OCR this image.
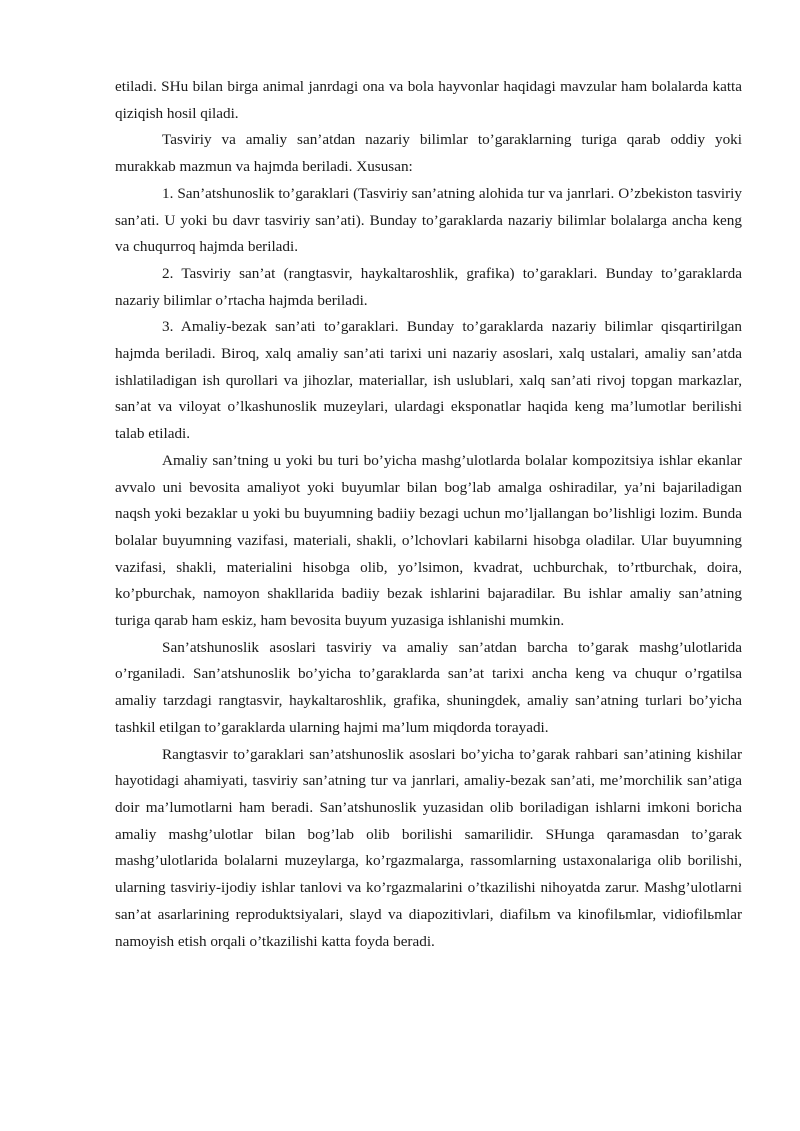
etiladi. SHu bilan birga animal janrdagi ona va bola hayvonlar haqidagi mavzular ham bolalarda katta qiziqish hosil qiladi.

Tasviriy va amaliy san’atdan nazariy bilimlar to’garaklarning turiga qarab oddiy yoki murakkab mazmun va hajmda beriladi. Xususan:

1. San’atshunoslik to’garaklari (Tasviriy san’atning alohida tur va janrlari. O’zbekiston tasviriy san’ati. U yoki bu davr tasviriy san’ati). Bunday to’garaklarda nazariy bilimlar bolalarga ancha keng va chuqurroq hajmda beriladi.

2. Tasviriy san’at (rangtasvir, haykaltaroshlik, grafika) to’garaklari. Bunday to’garaklarda nazariy bilimlar o’rtacha hajmda beriladi.

3. Amaliy-bezak san’ati to’garaklari. Bunday to’garaklarda nazariy bilimlar qisqartirilgan hajmda beriladi. Biroq, xalq amaliy san’ati tarixi uni nazariy asoslari, xalq ustalari, amaliy san’atda ishlatiladigan ish qurollari va jihozlar, materiallar, ish uslublari, xalq san’ati rivoj topgan markazlar, san’at va viloyat o’lkashunoslik muzeylari, ulardagi eksponatlar haqida keng ma’lumotlar berilishi talab etiladi.

Amaliy san’tning u yoki bu turi bo’yicha mashg’ulotlarda bolalar kompozitsiya ishlar ekanlar avvalo uni bevosita amaliyot yoki buyumlar bilan bog’lab amalga oshiradilar, ya’ni bajariladigan naqsh yoki bezaklar u yoki bu buyumning badiiy bezagi uchun mo’ljallangan bo’lishligi lozim. Bunda bolalar buyumning vazifasi, materiali, shakli, o’lchovlari kabilarni hisobga oladilar. Ular buyumning vazifasi, shakli, materialini hisobga olib, yo’lsimon, kvadrat, uchburchak, to’rtburchak, doira, ko’pburchak, namoyon shakllarida badiiy bezak ishlarini bajaradilar. Bu ishlar amaliy san’atning turiga qarab ham eskiz, ham bevosita buyum yuzasiga ishlanishi mumkin.

San’atshunoslik asoslari tasviriy va amaliy san’atdan barcha to’garak mashg’ulotlarida o’rganiladi. San’atshunoslik bo’yicha to’garaklarda san’at tarixi ancha keng va chuqur o’rgatilsa amaliy tarzdagi rangtasvir, haykaltaroshlik, grafika, shuningdek, amaliy san’atning turlari bo’yicha tashkil etilgan to’garaklarda ularning hajmi ma’lum miqdorda torayadi.

Rangtasvir to’garaklari san’atshunoslik asoslari bo’yicha to’garak rahbari san’atining kishilar hayotidagi ahamiyati, tasviriy san’atning tur va janrlari, amaliy-bezak san’ati, me’morchilik san’atiga doir ma’lumotlarni ham beradi. San’atshunoslik yuzasidan olib boriladigan ishlarni imkoni boricha amaliy mashg’ulotlar bilan bog’lab olib borilishi samarilidir. SHunga qaramasdan to’garak mashg’ulotlarida bolalarni muzeylarga, ko’rgazmalarga, rassomlarning ustaxonalariga olib borilishi, ularning tasviriy-ijodiy ishlar tanlovi va ko’rgazmalarini o’tkazilishi nihoyatda zarur. Mashg’ulotlarni san’at asarlarining reproduktsiyalari, slayd va diapozitivlari, diafilьm va kinofilьmlar, vidiofilьmlar namoyish etish orqali o’tkazilishi katta foyda beradi.
